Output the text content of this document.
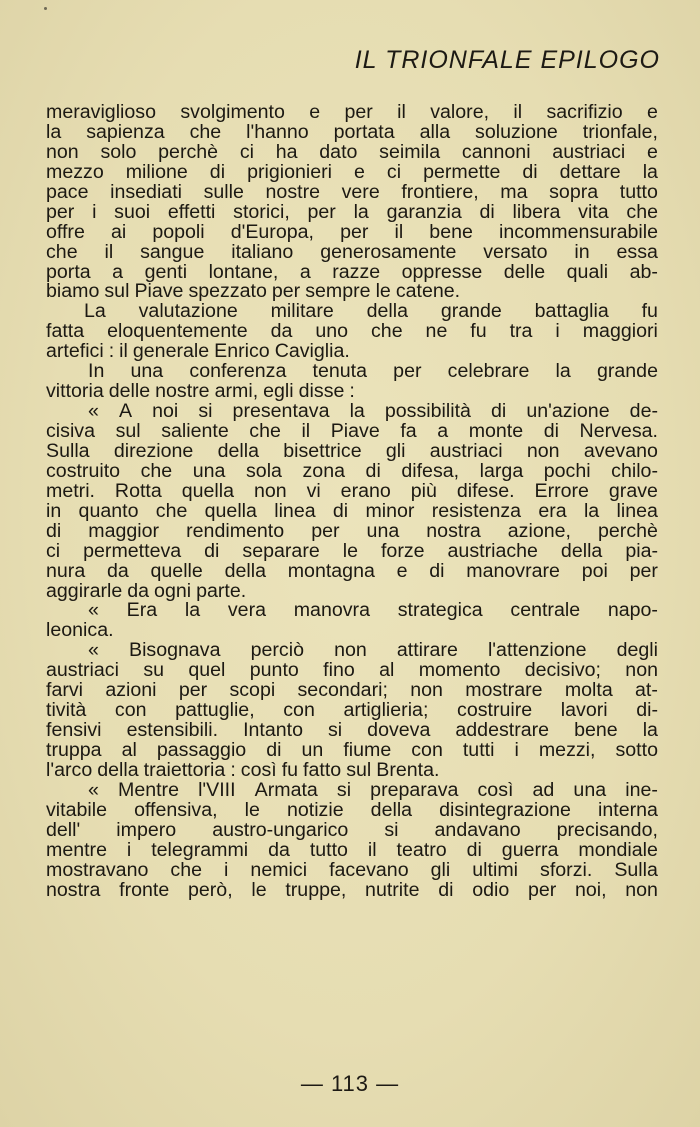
IL TRIONFALE EPILOGO
meraviglioso svolgimento e per il valore, il sacrifizio e
la sapienza che l'hanno portata alla soluzione trionfale,
non solo perchè ci ha dato seimila cannoni austriaci e
mezzo milione di prigionieri e ci permette di dettare la
pace insediati sulle nostre vere frontiere, ma sopra tutto
per i suoi effetti storici, per la garanzia di libera vita che
offre ai popoli d'Europa, per il bene incommensurabile
che il sangue italiano generosamente versato in essa
porta a genti lontane, a razze oppresse delle quali ab-
biamo sul Piave spezzato per sempre le catene.
La valutazione militare della grande battaglia fu
fatta eloquentemente da uno che ne fu tra i maggiori
artefici : il generale Enrico Caviglia.
In una conferenza tenuta per celebrare la grande
vittoria delle nostre armi, egli disse :
« A noi si presentava la possibilità di un'azione de-
cisiva sul saliente che il Piave fa a monte di Nervesa.
Sulla direzione della bisettrice gli austriaci non avevano
costruito che una sola zona di difesa, larga pochi chilo-
metri. Rotta quella non vi erano più difese. Errore grave
in quanto che quella linea di minor resistenza era la linea
di maggior rendimento per una nostra azione, perchè
ci permetteva di separare le forze austriache della pia-
nura da quelle della montagna e di manovrare poi per
aggirarle da ogni parte.
« Era la vera manovra strategica centrale napo-
leonica.
« Bisognava perciò non attirare l'attenzione degli
austriaci su quel punto fino al momento decisivo; non
farvi azioni per scopi secondari; non mostrare molta at-
tività con pattuglie, con artiglieria; costruire lavori di-
fensivi estensibili. Intanto si doveva addestrare bene la
truppa al passaggio di un fiume con tutti i mezzi, sotto
l'arco della traiettoria : così fu fatto sul Brenta.
« Mentre l'VIII Armata si preparava così ad una ine-
vitabile offensiva, le notizie della disintegrazione interna
dell' impero austro-ungarico si andavano precisando,
mentre i telegrammi da tutto il teatro di guerra mondiale
mostravano che i nemici facevano gli ultimi sforzi. Sulla
nostra fronte però, le truppe, nutrite di odio per noi, non
— 113 —
